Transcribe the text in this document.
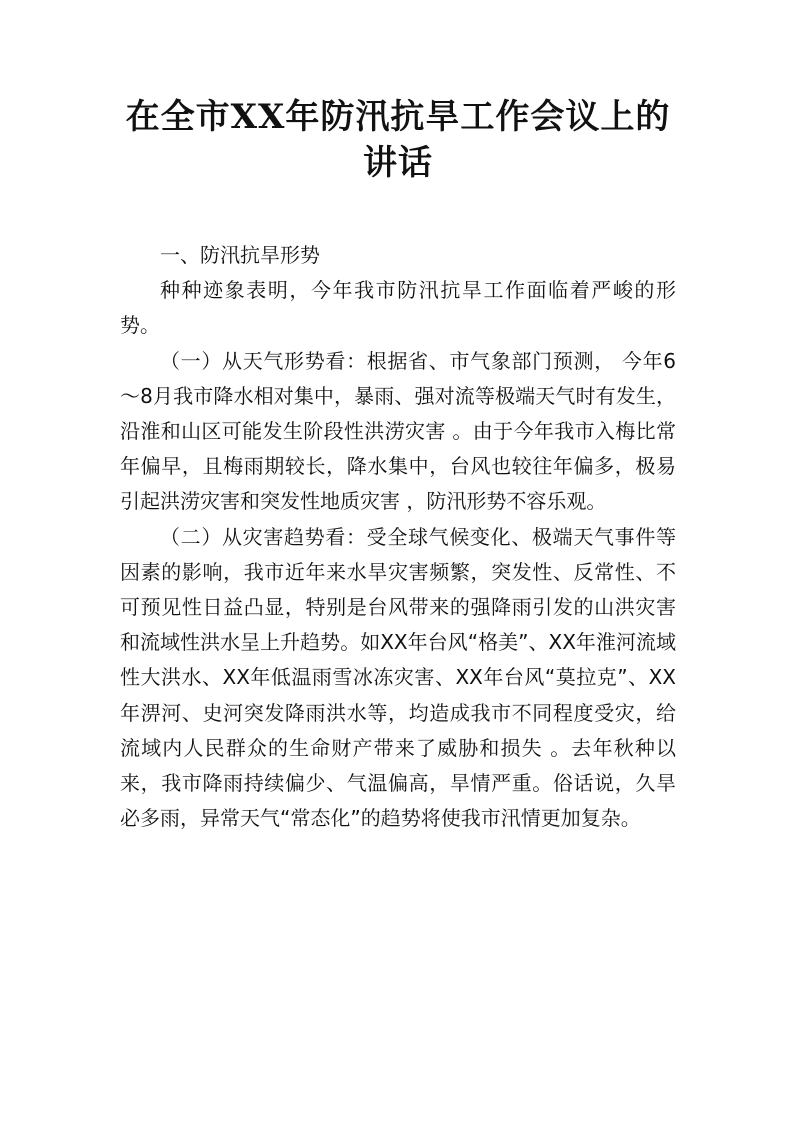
在全市XX年防汛抗旱工作会议上的讲话

一、防汛抗旱形势

种种迹象表明，今年我市防汛抗旱工作面临着严峻的形势。

（一）从天气形势看：根据省、市气象部门预测， 今年6～8月我市降水相对集中，暴雨、强对流等极端天气时有发生，沿淮和山区可能发生阶段性洪涝灾害 。由于今年我市入梅比常年偏早，且梅雨期较长，降水集中，台风也较往年偏多，极易引起洪涝灾害和突发性地质灾害 ，防汛形势不容乐观。

（二）从灾害趋势看：受全球气候变化、极端天气事件等因素的影响，我市近年来水旱灾害频繁，突发性、反常性、不可预见性日益凸显，特别是台风带来的强降雨引发的山洪灾害和流域性洪水呈上升趋势。如XX年台风“格美”、XX年淮河流域性大洪水、XX年低温雨雪冰冻灾害、XX年台风“莫拉克”、XX年淠河、史河突发降雨洪水等，均造成我市不同程度受灾，给流域内人民群众的生命财产带来了威胁和损失 。去年秋种以来，我市降雨持续偏少、气温偏高，旱情严重。俗话说，久旱必多雨，异常天气“常态化”的趋势将使我市汛情更加复杂。
